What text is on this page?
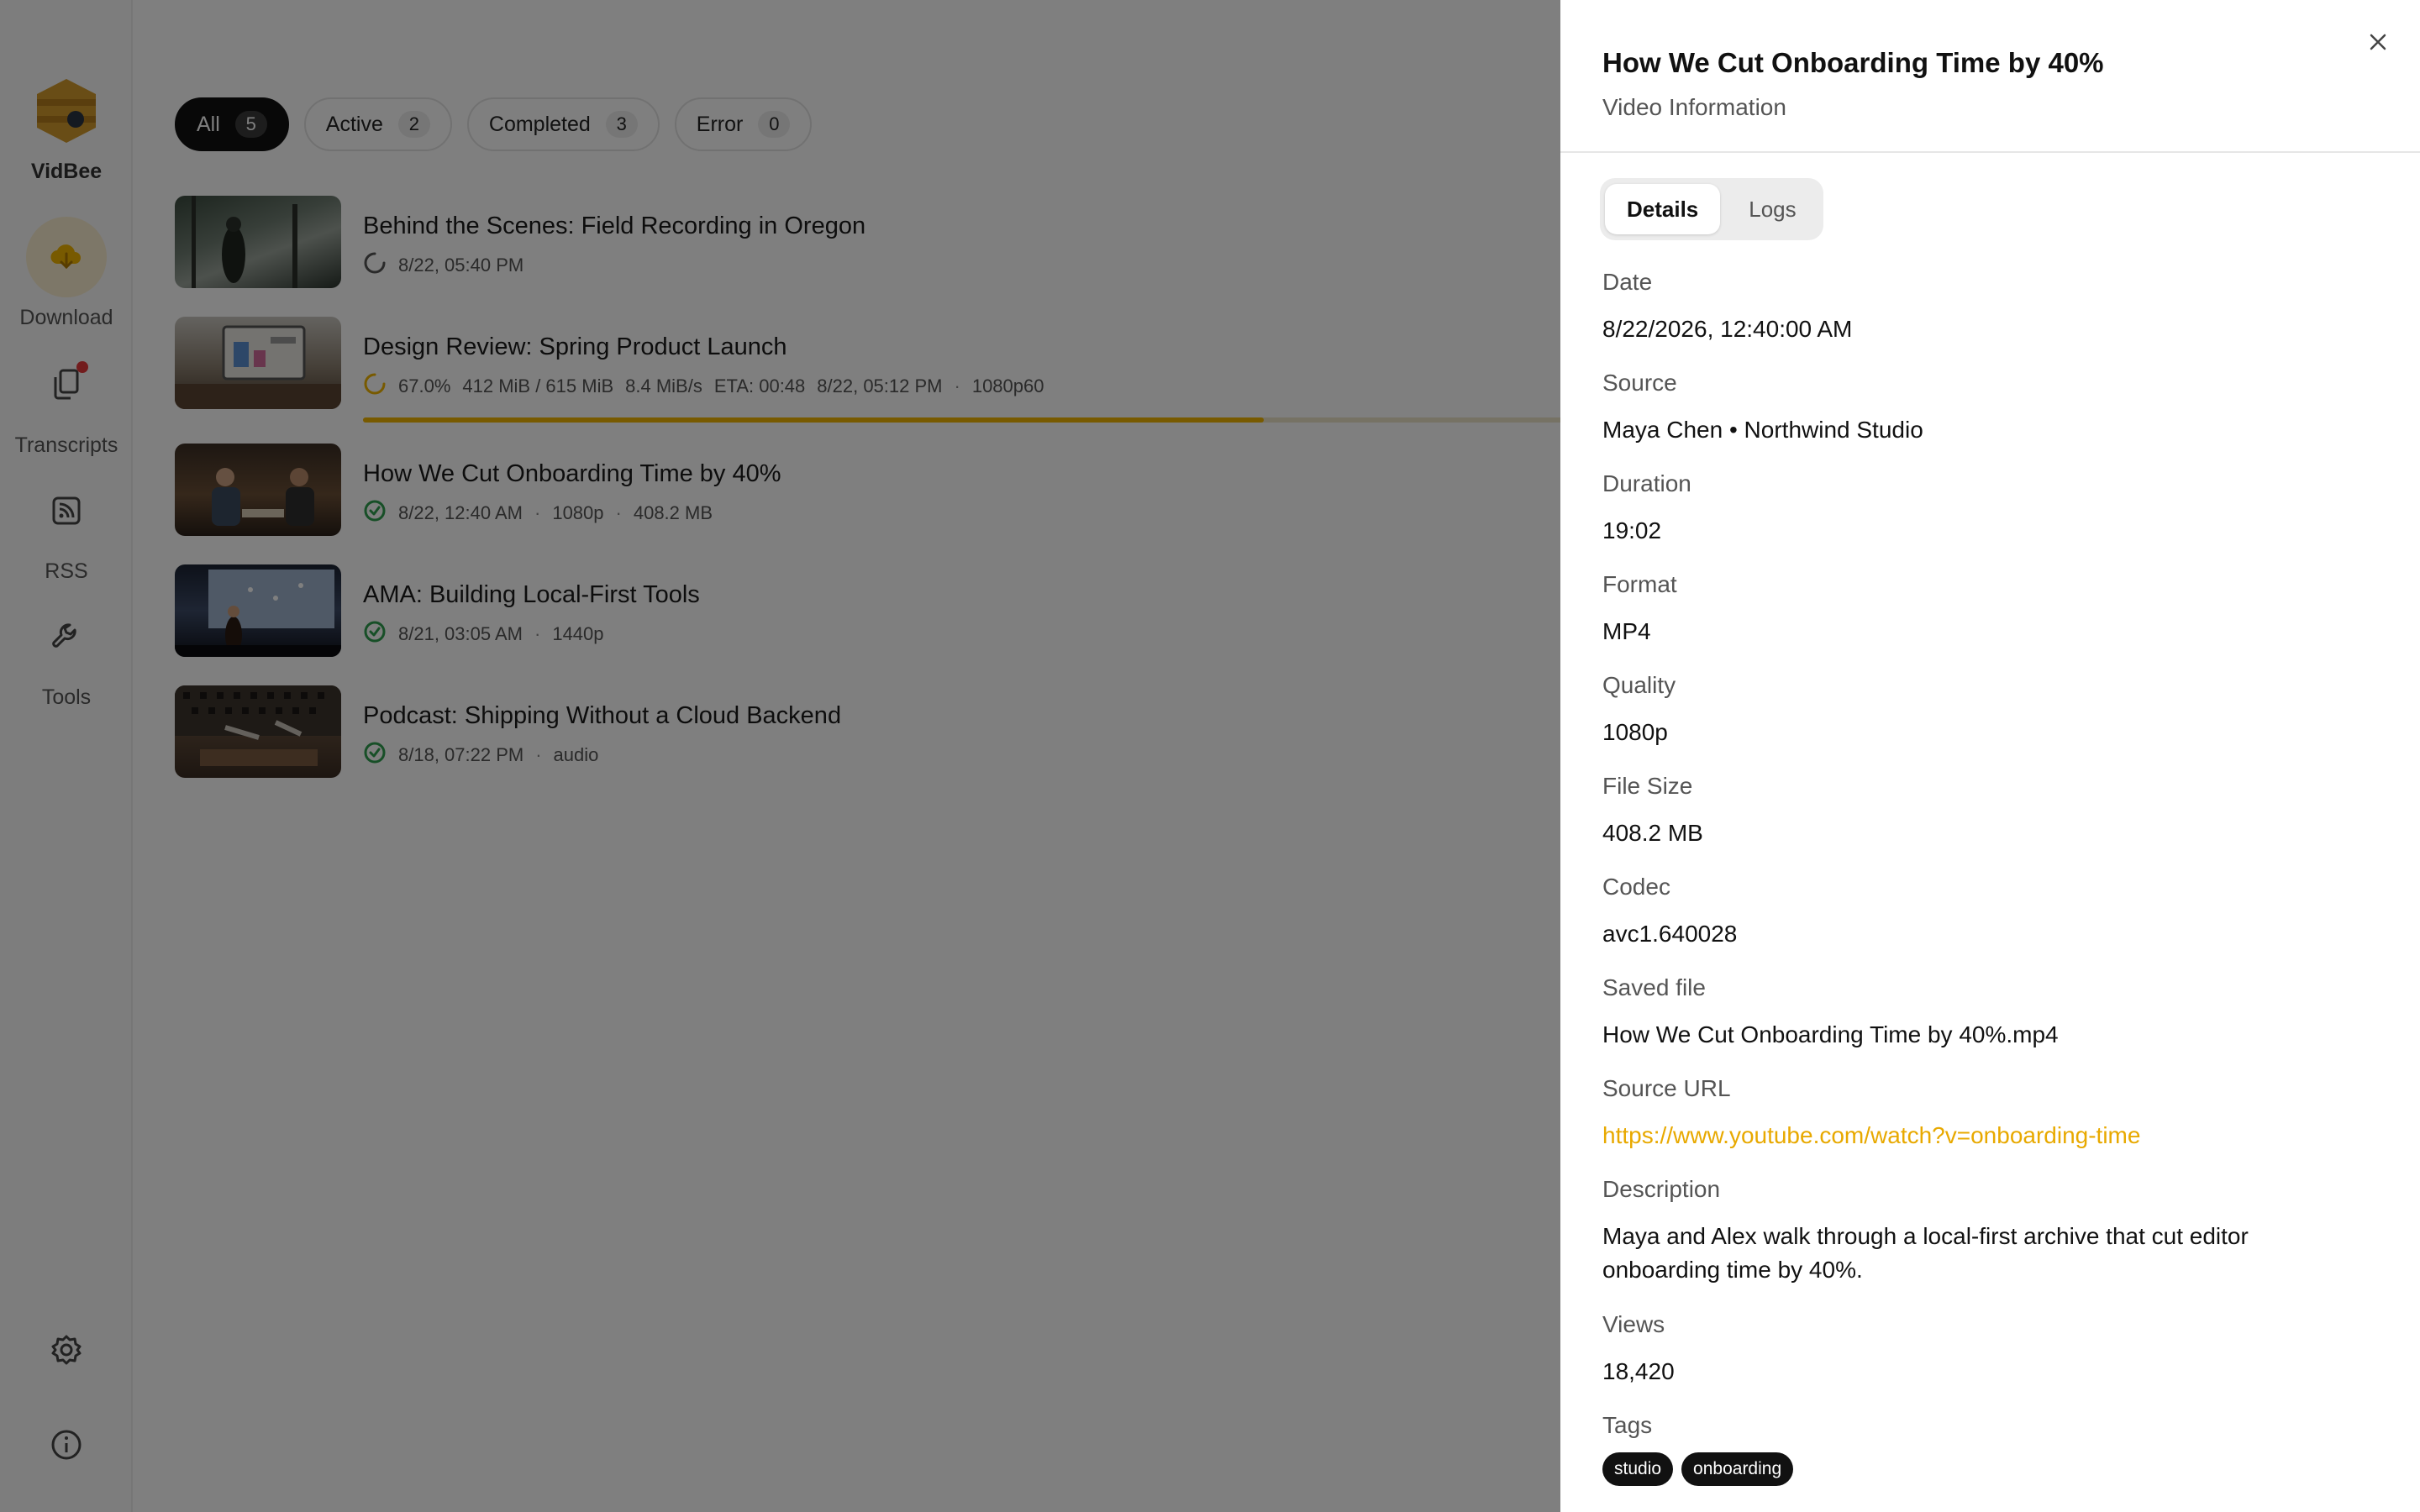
How We Cut Onboarding Time by 40%
Video Information
Details	Logs
Date
8/22/2026, 12:40:00 AM
Source
Maya Chen • Northwind Studio
Duration
19:02
Format
MP4
Quality
1080p
File Size
408.2 MB
Codec
avc1.640028
Saved file
How We Cut Onboarding Time by 40%.mp4
Source URL
https://www.youtube.com/watch?v=onboarding-time
Description
Maya and Alex walk through a local-first archive that cut editor onboarding time by 40%.
Views
18,420
Tags
studio	onboarding
